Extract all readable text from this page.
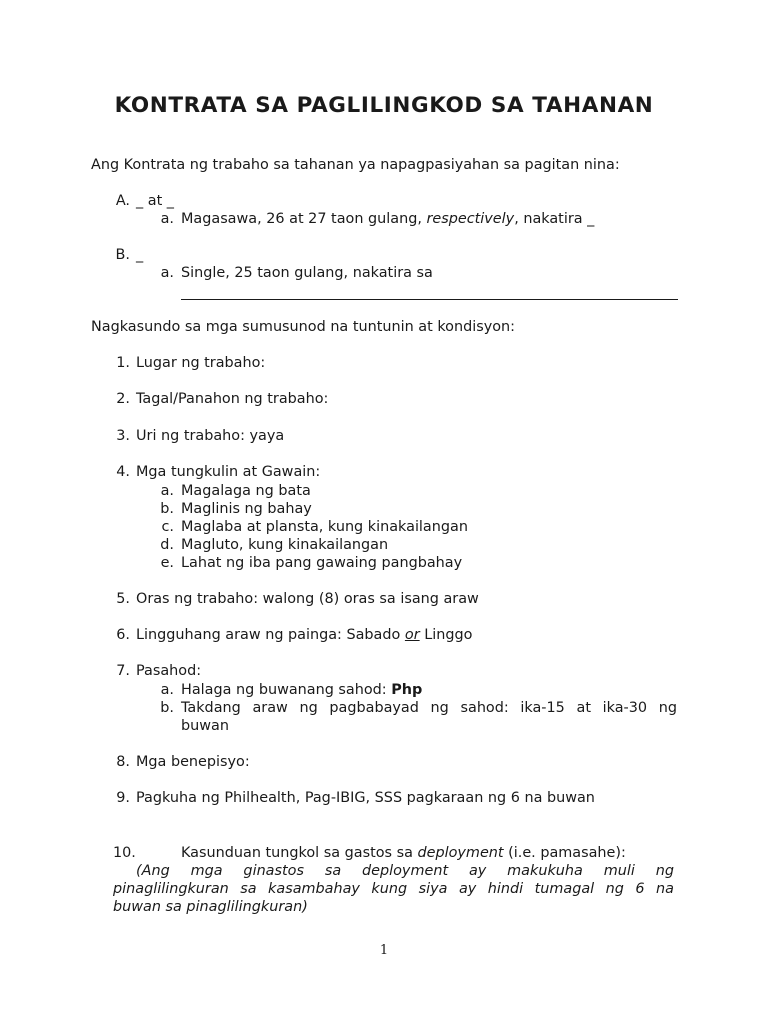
KONTRATA SA PAGLILINGKOD SA TAHANAN
Ang Kontrata ng trabaho sa tahanan ya napagpasiyahan sa pagitan nina:
A. _ at _
a. Magasawa, 26 at 27 taon gulang, respectively, nakatira _
B. _
a. Single, 25 taon gulang, nakatira sa
Nagkasundo sa mga sumusunod na tuntunin at kondisyon:
1. Lugar ng trabaho:
2. Tagal/Panahon ng trabaho:
3. Uri ng trabaho: yaya
4. Mga tungkulin at Gawain:
a. Magalaga ng bata
b. Maglinis ng bahay
c. Maglaba at plansta, kung kinakailangan
d. Magluto, kung kinakailangan
e. Lahat ng iba pang gawaing pangbahay
5. Oras ng trabaho: walong (8) oras sa isang araw
6. Lingguhang araw ng painga: Sabado or Linggo
7. Pasahod:
a. Halaga ng buwanang sahod: Php
b. Takdang araw ng pagbabayad ng sahod: ika-15 at ika-30 ng
buwan
8. Mga benepisyo:
9. Pagkuha ng Philhealth, Pag-IBIG, SSS pagkaraan ng 6 na buwan
10.	Kasunduan tungkol sa gastos sa deployment (i.e. pamasahe):
(Ang mga ginastos sa deployment ay makukuha muli ng
pinaglilingkuran sa kasambahay kung siya ay hindi tumagal ng 6 na
buwan sa pinaglilingkuran)
1
